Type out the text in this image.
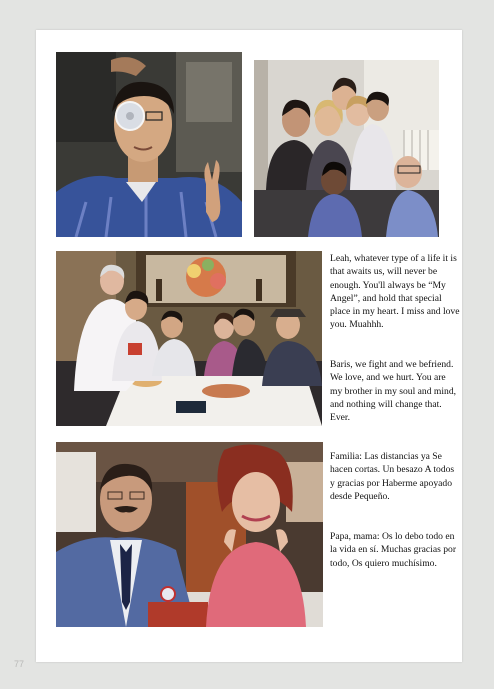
Leah, whatever type of a life it is that awaits us, will never be enough. You'll always be “My Angel”, and hold that special place in my heart. I miss and love you. Muahhh.

Baris, we fight and we befriend. We love, and we hurt. You are my brother in my soul and mind, and nothing will change that. Ever.

Familia: Las distancias ya Se hacen cortas. Un besazo A todos y gracias por Haberme apoyado desde Pequeño.

Papa, mama: Os lo debo todo en la vida en sí. Muchas gracias por todo, Os quiero muchísimo.

77
